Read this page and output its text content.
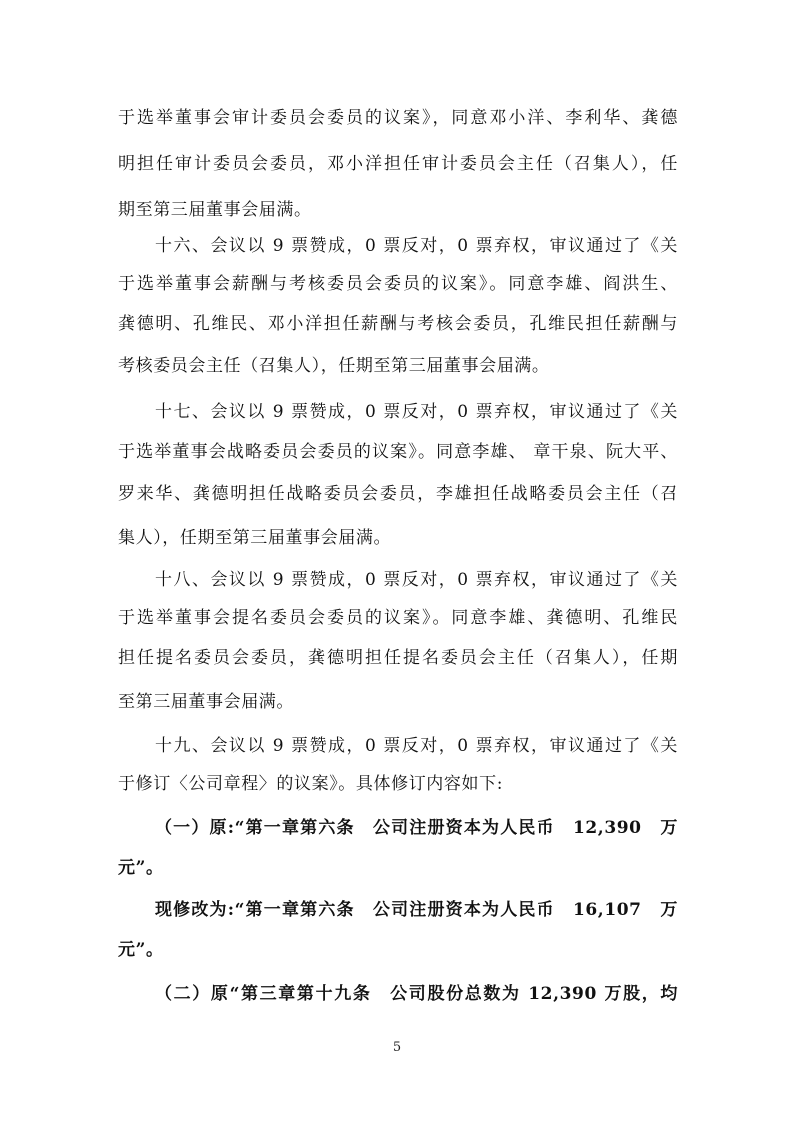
于选举董事会审计委员会委员的议案》，同意邓小洋、李利华、龚德
明担任审计委员会委员，邓小洋担任审计委员会主任（召集人），任
期至第三届董事会届满。
十六、会议以 9 票赞成，0 票反对，0 票弃权，审议通过了《关
于选举董事会薪酬与考核委员会委员的议案》。同意李雄、阎洪生、
龚德明、孔维民、邓小洋担任薪酬与考核会委员，孔维民担任薪酬与
考核委员会主任（召集人），任期至第三届董事会届满。
十七、会议以 9 票赞成，0 票反对，0 票弃权，审议通过了《关
于选举董事会战略委员会委员的议案》。同意李雄、 章干泉、阮大平、
罗来华、龚德明担任战略委员会委员，李雄担任战略委员会主任（召
集人），任期至第三届董事会届满。
十八、会议以 9 票赞成，0 票反对，0 票弃权，审议通过了《关
于选举董事会提名委员会委员的议案》。同意李雄、龚德明、孔维民
担任提名委员会委员，龚德明担任提名委员会主任（召集人），任期
至第三届董事会届满。
十九、会议以 9 票赞成，0 票反对，0 票弃权，审议通过了《关
于修订〈公司章程〉的议案》。具体修订内容如下:
（一）原:“第一章第六条　公司注册资本为人民币　12,390　万
元”。
现修改为:“第一章第六条　公司注册资本为人民币　16,107　万
元”。
（二）原“第三章第十九条　公司股份总数为 12,390 万股，均
5
